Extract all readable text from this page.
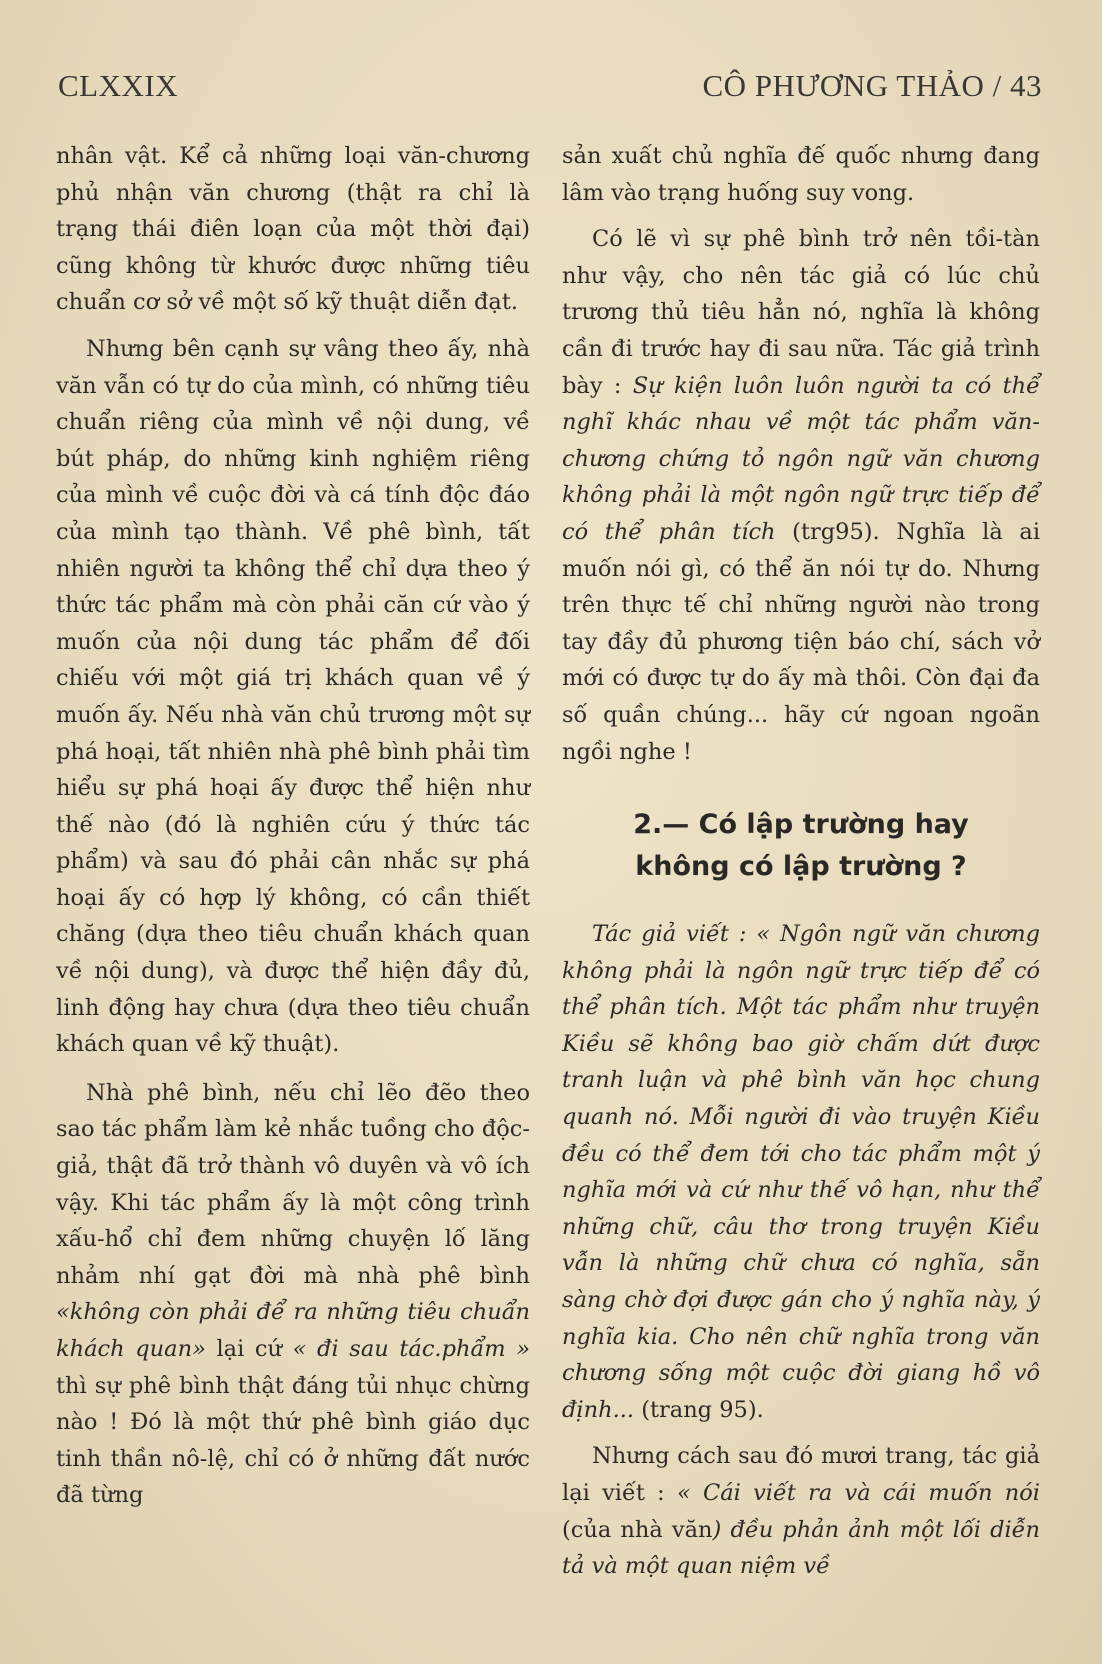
CLXXIX	CÔ PHƯƠNG THẢO / 43

nhân vật. Kể cả những loại văn-chương phủ nhận văn chương (thật ra chỉ là trạng thái điên loạn của một thời đại) cũng không từ khước được những tiêu chuẩn cơ sở về một số kỹ thuật diễn đạt.

Nhưng bên cạnh sự vâng theo ấy, nhà văn vẫn có tự do của mình, có những tiêu chuẩn riêng của mình về nội dung, về bút pháp, do những kinh nghiệm riêng của mình về cuộc đời và cá tính độc đáo của mình tạo thành. Về phê bình, tất nhiên người ta không thể chỉ dựa theo ý thức tác phẩm mà còn phải căn cứ vào ý muốn của nội dung tác phẩm để đối chiếu với một giá trị khách quan về ý muốn ấy. Nếu nhà văn chủ trương một sự phá hoại, tất nhiên nhà phê bình phải tìm hiểu sự phá hoại ấy được thể hiện như thế nào (đó là nghiên cứu ý thức tác phẩm) và sau đó phải cân nhắc sự phá hoại ấy có hợp lý không, có cần thiết chăng (dựa theo tiêu chuẩn khách quan về nội dung), và được thể hiện đầy đủ, linh động hay chưa (dựa theo tiêu chuẩn khách quan về kỹ thuật).

Nhà phê bình, nếu chỉ lẽo đẽo theo sao tác phẩm làm kẻ nhắc tuồng cho độc-giả, thật đã trở thành vô duyên và vô ích vậy. Khi tác phẩm ấy là một công trình xấu-hổ chỉ đem những chuyện lố lăng nhảm nhí gạt đời mà nhà phê bình «không còn phải để ra những tiêu chuẩn khách quan» lại cứ « đi sau tác.phẩm » thì sự phê bình thật đáng tủi nhục chừng nào ! Đó là một thứ phê bình giáo dục tinh thần nô-lệ, chỉ có ở những đất nước đã từng

sản xuất chủ nghĩa đế quốc nhưng đang lâm vào trạng huống suy vong.

Có lẽ vì sự phê bình trở nên tồi-tàn như vậy, cho nên tác giả có lúc chủ trương thủ tiêu hẳn nó, nghĩa là không cần đi trước hay đi sau nữa. Tác giả trình bày : Sự kiện luôn luôn người ta có thể nghĩ khác nhau về một tác phẩm văn-chương chứng tỏ ngôn ngữ văn chương không phải là một ngôn ngữ trực tiếp để có thể phân tích (trg95). Nghĩa là ai muốn nói gì, có thể ăn nói tự do. Nhưng trên thực tế chỉ những người nào trong tay đầy đủ phương tiện báo chí, sách vở mới có được tự do ấy mà thôi. Còn đại đa số quần chúng... hãy cứ ngoan ngoãn ngồi nghe !

2.— Có lập trường hay
không có lập trường ?

Tác giả viết : « Ngôn ngữ văn chương không phải là ngôn ngữ trực tiếp để có thể phân tích. Một tác phẩm như truyện Kiều sẽ không bao giờ chấm dứt được tranh luận và phê bình văn học chung quanh nó. Mỗi người đi vào truyện Kiều đều có thể đem tới cho tác phẩm một ý nghĩa mới và cứ như thế vô hạn, như thể những chữ, câu thơ trong truyện Kiều vẫn là những chữ chưa có nghĩa, sẵn sàng chờ đợi được gán cho ý nghĩa này, ý nghĩa kia. Cho nên chữ nghĩa trong văn chương sống một cuộc đời giang hồ vô định... (trang 95).

Nhưng cách sau đó mươi trang, tác giả lại viết : « Cái viết ra và cái muốn nói (của nhà văn) đều phản ảnh một lối diễn tả và một quan niệm về
